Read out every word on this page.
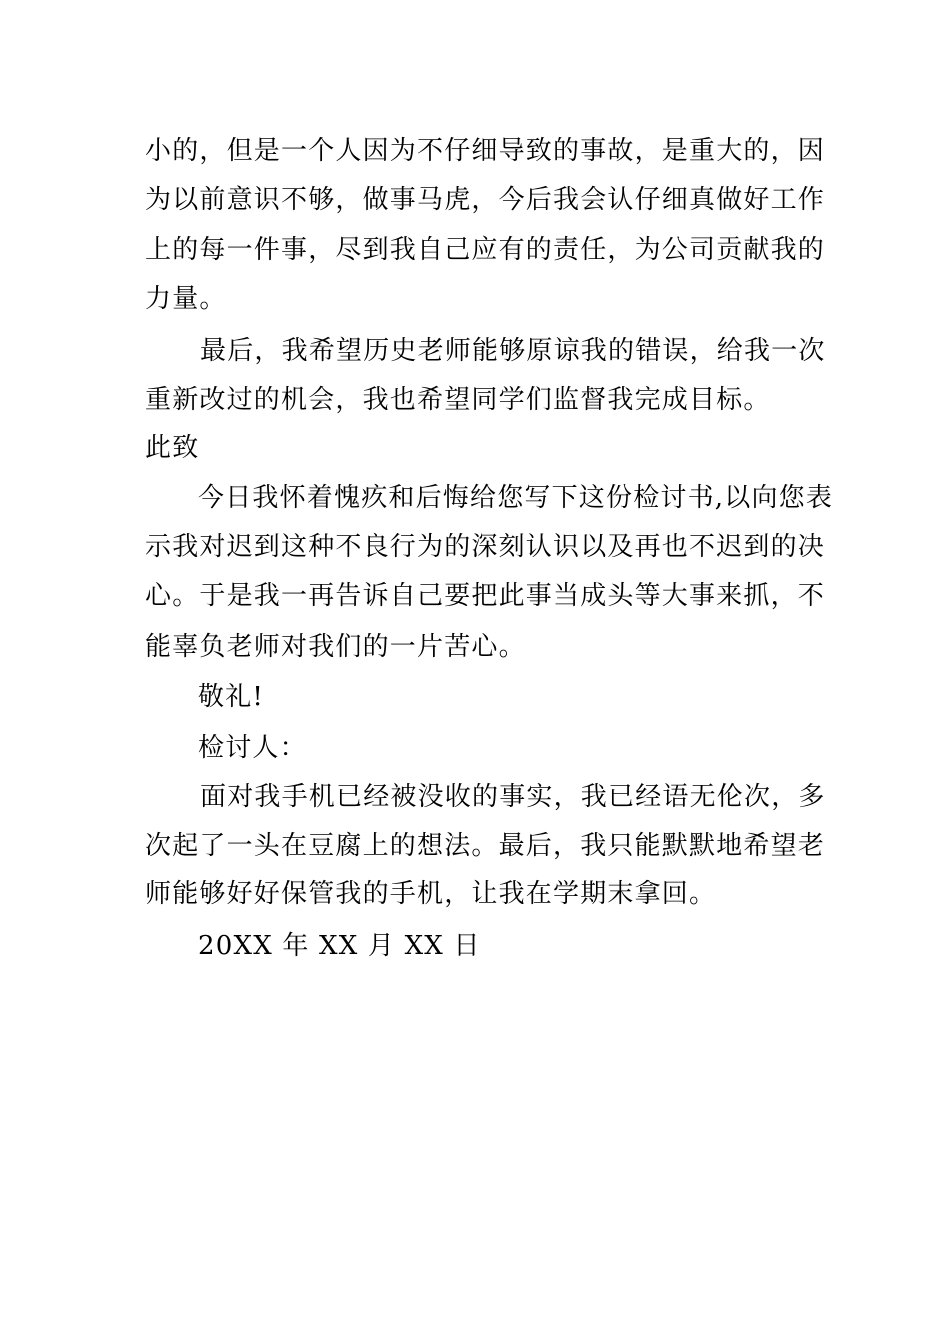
小的，但是一个人因为不仔细导致的事故，是重大的，因
为以前意识不够，做事马虎，今后我会认仔细真做好工作
上的每一件事，尽到我自己应有的责任，为公司贡献我的
力量。
最后，我希望历史老师能够原谅我的错误，给我一次
重新改过的机会，我也希望同学们监督我完成目标。
此致
今日我怀着愧疚和后悔给您写下这份检讨书,以向您表
示我对迟到这种不良行为的深刻认识以及再也不迟到的决
心。于是我一再告诉自己要把此事当成头等大事来抓，不
能辜负老师对我们的一片苦心。
敬礼!
检讨人：
面对我手机已经被没收的事实，我已经语无伦次，多
次起了一头在豆腐上的想法。最后，我只能默默地希望老
师能够好好保管我的手机，让我在学期末拿回。
20XX 年 XX 月 XX 日
